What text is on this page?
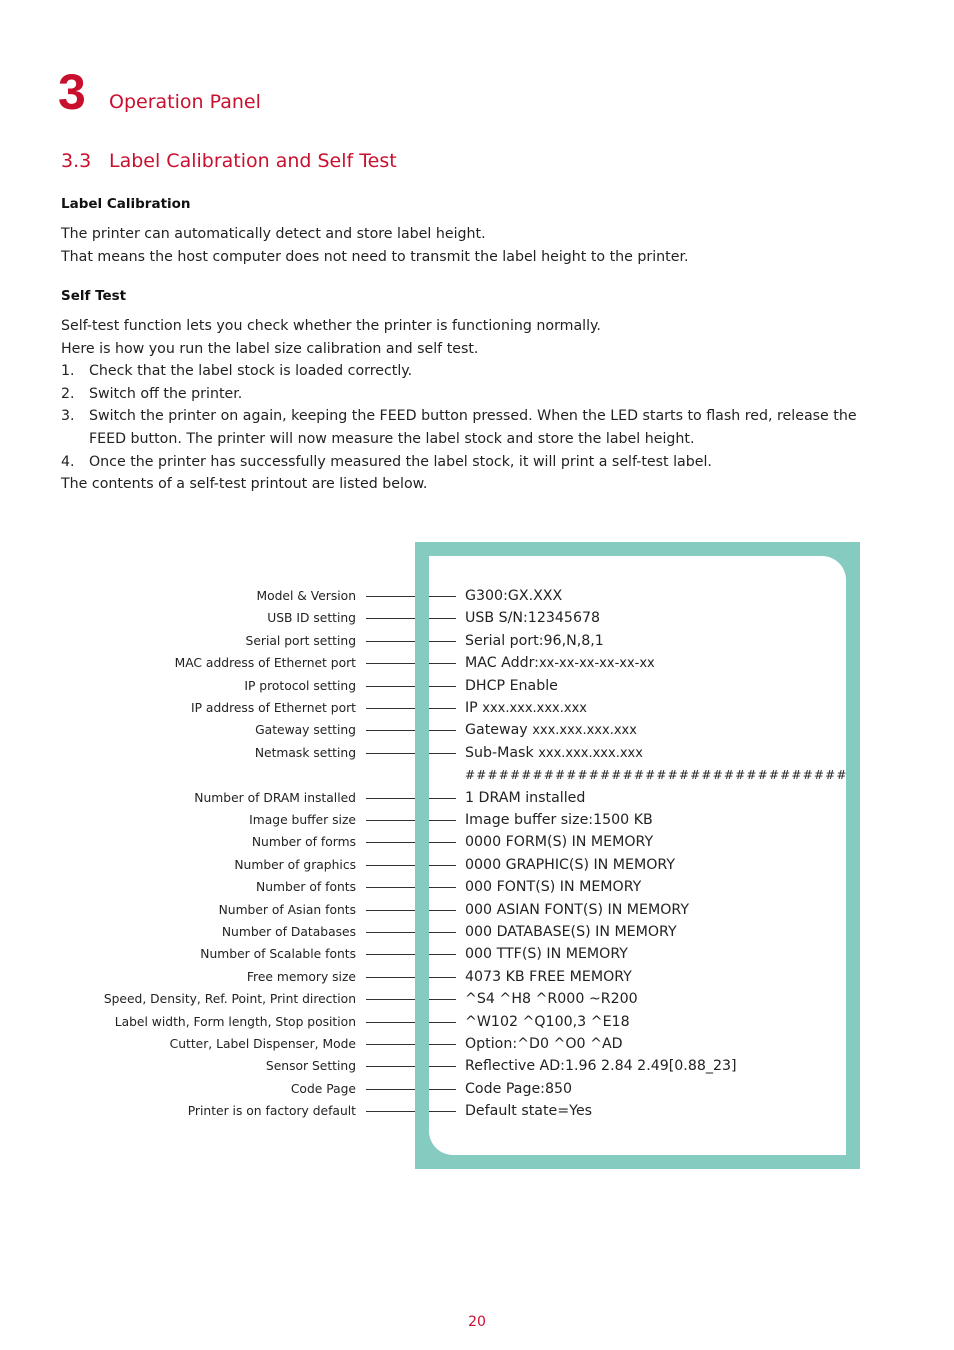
3 Operation Panel
3.3 Label Calibration and Self Test
Label Calibration
The printer can automatically detect and store label height.
That means the host computer does not need to transmit the label height to the printer.
Self Test
Self-test function lets you check whether the printer is functioning normally.
Here is how you run the label size calibration and self test.
1. Check that the label stock is loaded correctly.
2. Switch off the printer.
3. Switch the printer on again, keeping the FEED button pressed. When the LED starts to flash red, release the FEED button. The printer will now measure the label stock and store the label height.
4. Once the printer has successfully measured the label stock, it will print a self-test label.
The contents of a self-test printout are listed below.
Model & Version	G300:GX.XXX
USB ID setting	USB S/N:12345678
Serial port setting	Serial port:96,N,8,1
MAC address of Ethernet port	MAC Addr:xx-xx-xx-xx-xx-xx
IP protocol setting	DHCP Enable
IP address of Ethernet port	IP xxx.xxx.xxx.xxx
Gateway setting	Gateway xxx.xxx.xxx.xxx
Netmask setting	Sub-Mask xxx.xxx.xxx.xxx
##################################
Number of DRAM installed	1 DRAM installed
Image buffer size	Image buffer size:1500 KB
Number of forms	0000 FORM(S) IN MEMORY
Number of graphics	0000 GRAPHIC(S) IN MEMORY
Number of fonts	000 FONT(S) IN MEMORY
Number of Asian fonts	000 ASIAN FONT(S) IN MEMORY
Number of Databases	000 DATABASE(S) IN MEMORY
Number of Scalable fonts	000 TTF(S) IN MEMORY
Free memory size	4073 KB FREE MEMORY
Speed, Density, Ref. Point, Print direction	^S4 ^H8 ^R000 ~R200
Label width, Form length, Stop position	^W102 ^Q100,3 ^E18
Cutter, Label Dispenser, Mode	Option:^D0 ^O0 ^AD
Sensor Setting	Reflective AD:1.96 2.84 2.49[0.88_23]
Code Page	Code Page:850
Printer is on factory default	Default state=Yes
20
